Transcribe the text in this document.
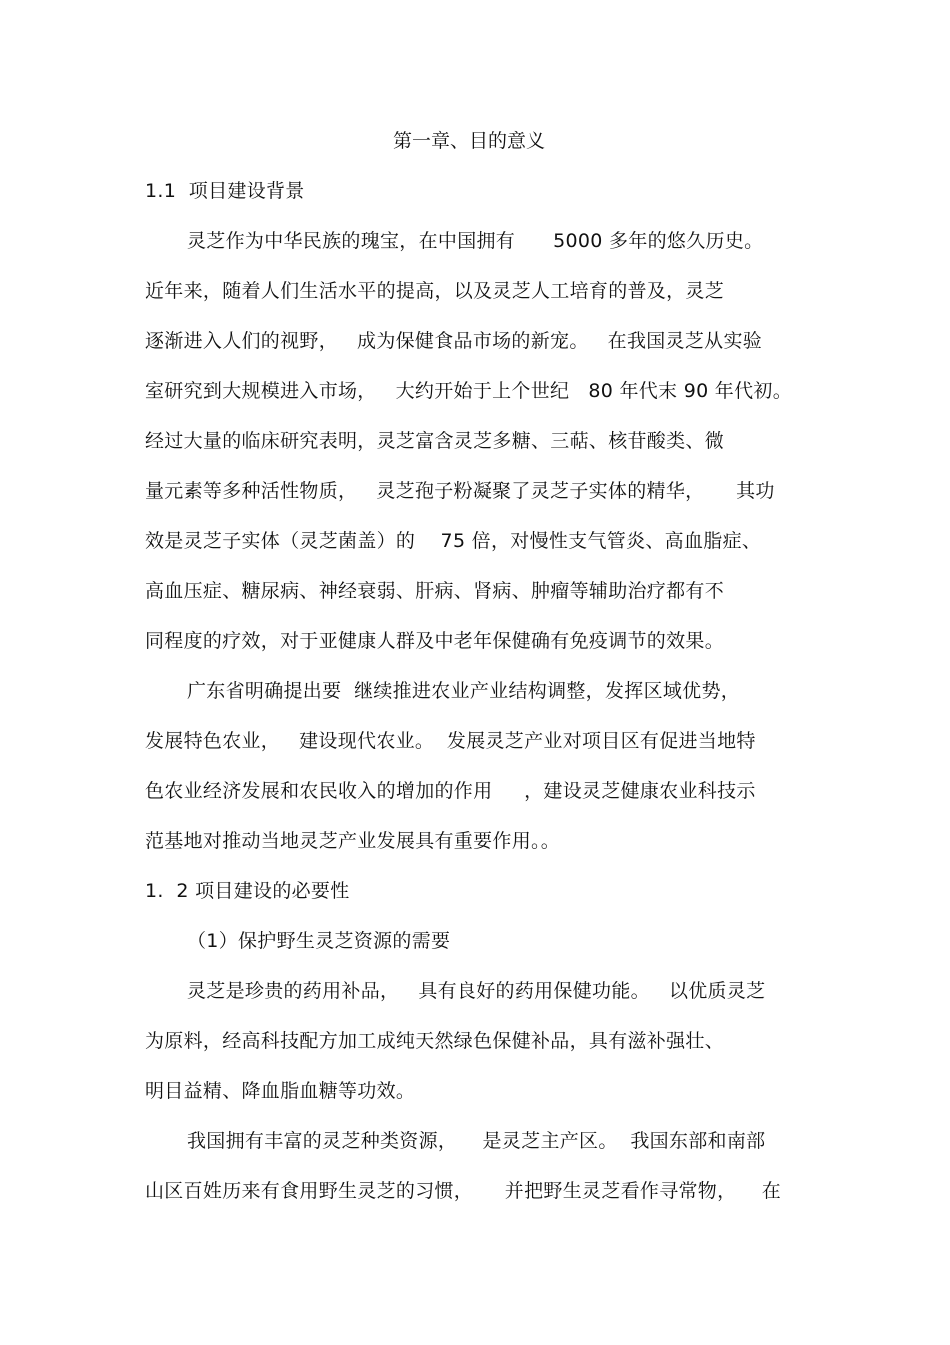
第一章、目的意义
1.1  项目建设背景
灵芝作为中华民族的瑰宝，在中国拥有      5000 多年的悠久历史。
近年来，随着人们生活水平的提高，以及灵芝人工培育的普及，灵芝
逐渐进入人们的视野，   成为保健食品市场的新宠。   在我国灵芝从实验
室研究到大规模进入市场，   大约开始于上个世纪   80 年代末 90 年代初。
经过大量的临床研究表明，灵芝富含灵芝多糖、三萜、核苷酸类、微
量元素等多种活性物质，   灵芝孢子粉凝聚了灵芝子实体的精华，     其功
效是灵芝子实体（灵芝菌盖）的    75 倍，对慢性支气管炎、高血脂症、
高血压症、糖尿病、神经衰弱、肝病、肾病、肿瘤等辅助治疗都有不
同程度的疗效，对于亚健康人群及中老年保健确有免疫调节的效果。
广东省明确提出要  继续推进农业产业结构调整，发挥区域优势，
发展特色农业，   建设现代农业。  发展灵芝产业对项目区有促进当地特
色农业经济发展和农民收入的增加的作用     ，建设灵芝健康农业科技示
范基地对推动当地灵芝产业发展具有重要作用。。
1.  2 项目建设的必要性
（1）保护野生灵芝资源的需要
灵芝是珍贵的药用补品，   具有良好的药用保健功能。   以优质灵芝
为原料，经高科技配方加工成纯天然绿色保健补品，具有滋补强壮、
明目益精、降血脂血糖等功效。
我国拥有丰富的灵芝种类资源，    是灵芝主产区。  我国东部和南部
山区百姓历来有食用野生灵芝的习惯，     并把野生灵芝看作寻常物，    在
